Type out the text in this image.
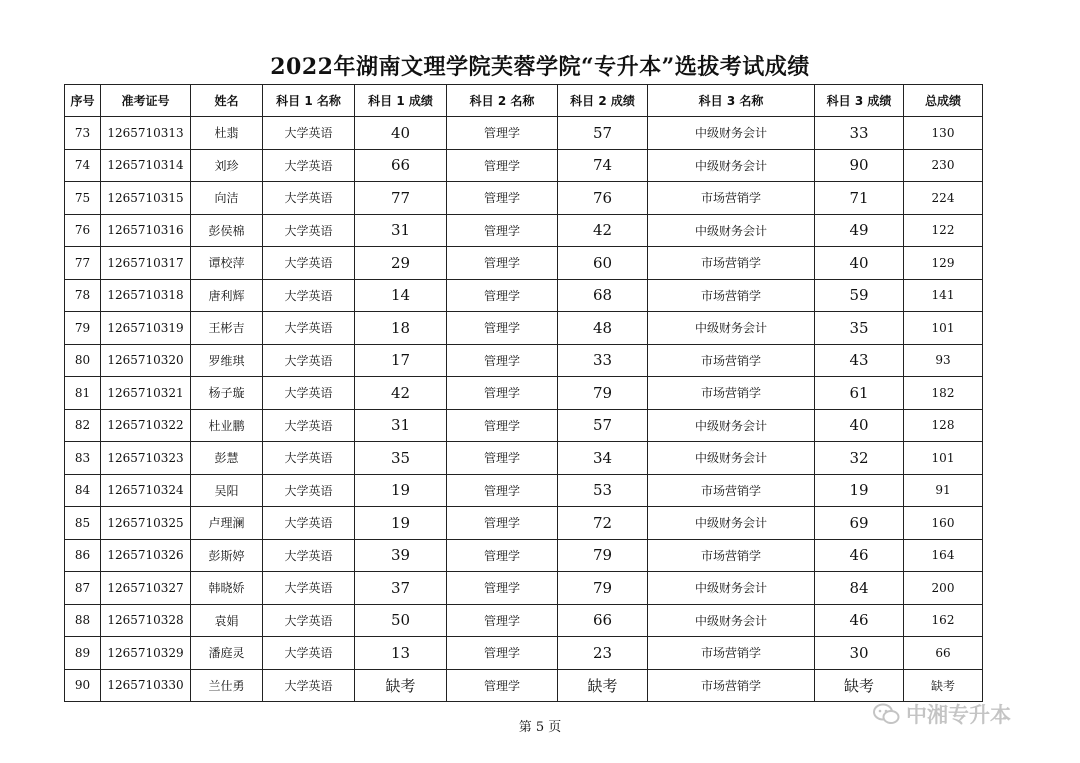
2022年湖南文理学院芙蓉学院“专升本”选拔考试成绩
序号	准考证号	姓名	科目 1 名称	科目 1 成绩	科目 2 名称	科目 2 成绩	科目 3 名称	科目 3 成绩	总成绩
73	1265710313	杜翡	大学英语	40	管理学	57	中级财务会计	33	130
74	1265710314	刘珍	大学英语	66	管理学	74	中级财务会计	90	230
75	1265710315	向洁	大学英语	77	管理学	76	市场营销学	71	224
76	1265710316	彭侯棉	大学英语	31	管理学	42	中级财务会计	49	122
77	1265710317	谭校萍	大学英语	29	管理学	60	市场营销学	40	129
78	1265710318	唐利辉	大学英语	14	管理学	68	市场营销学	59	141
79	1265710319	王彬吉	大学英语	18	管理学	48	中级财务会计	35	101
80	1265710320	罗维琪	大学英语	17	管理学	33	市场营销学	43	93
81	1265710321	杨子璇	大学英语	42	管理学	79	市场营销学	61	182
82	1265710322	杜业鹏	大学英语	31	管理学	57	中级财务会计	40	128
83	1265710323	彭慧	大学英语	35	管理学	34	中级财务会计	32	101
84	1265710324	吴阳	大学英语	19	管理学	53	市场营销学	19	91
85	1265710325	卢理澜	大学英语	19	管理学	72	中级财务会计	69	160
86	1265710326	彭斯婷	大学英语	39	管理学	79	市场营销学	46	164
87	1265710327	韩晓娇	大学英语	37	管理学	79	中级财务会计	84	200
88	1265710328	袁娟	大学英语	50	管理学	66	中级财务会计	46	162
89	1265710329	潘庭灵	大学英语	13	管理学	23	市场营销学	30	66
90	1265710330	兰仕勇	大学英语	缺考	管理学	缺考	市场营销学	缺考	缺考
第 5 页
中湘专升本
